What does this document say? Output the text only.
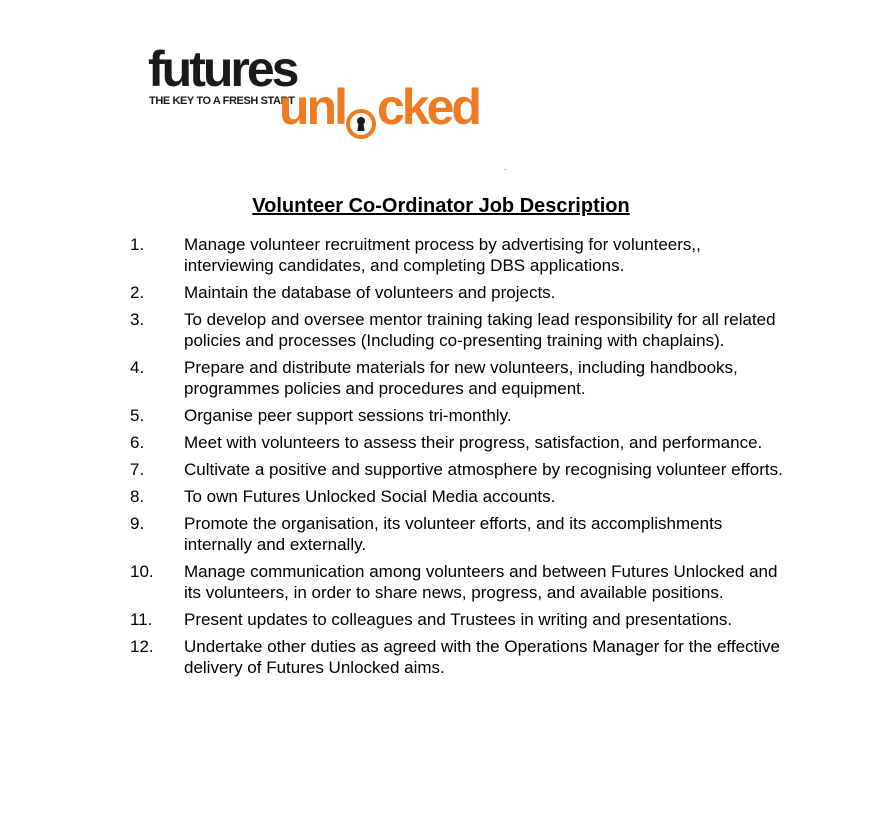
futures
THE KEY TO A FRESH START
unl cked
.
Volunteer Co-Ordinator Job Description
1. Manage volunteer recruitment process by advertising for volunteers,, interviewing candidates, and completing DBS applications.
2. Maintain the database of volunteers and projects.
3. To develop and oversee mentor training taking lead responsibility for all related policies and processes (Including co-presenting training with chaplains).
4. Prepare and distribute materials for new volunteers, including handbooks, programmes policies and procedures and equipment.
5. Organise peer support sessions tri-monthly.
6. Meet with volunteers to assess their progress, satisfaction, and performance.
7. Cultivate a positive and supportive atmosphere by recognising volunteer efforts.
8. To own Futures Unlocked Social Media accounts.
9. Promote the organisation, its volunteer efforts, and its accomplishments internally and externally.
10. Manage communication among volunteers and between Futures Unlocked and its volunteers, in order to share news, progress, and available positions.
11. Present updates to colleagues and Trustees in writing and presentations.
12. Undertake other duties as agreed with the Operations Manager for the effective delivery of Futures Unlocked aims.
